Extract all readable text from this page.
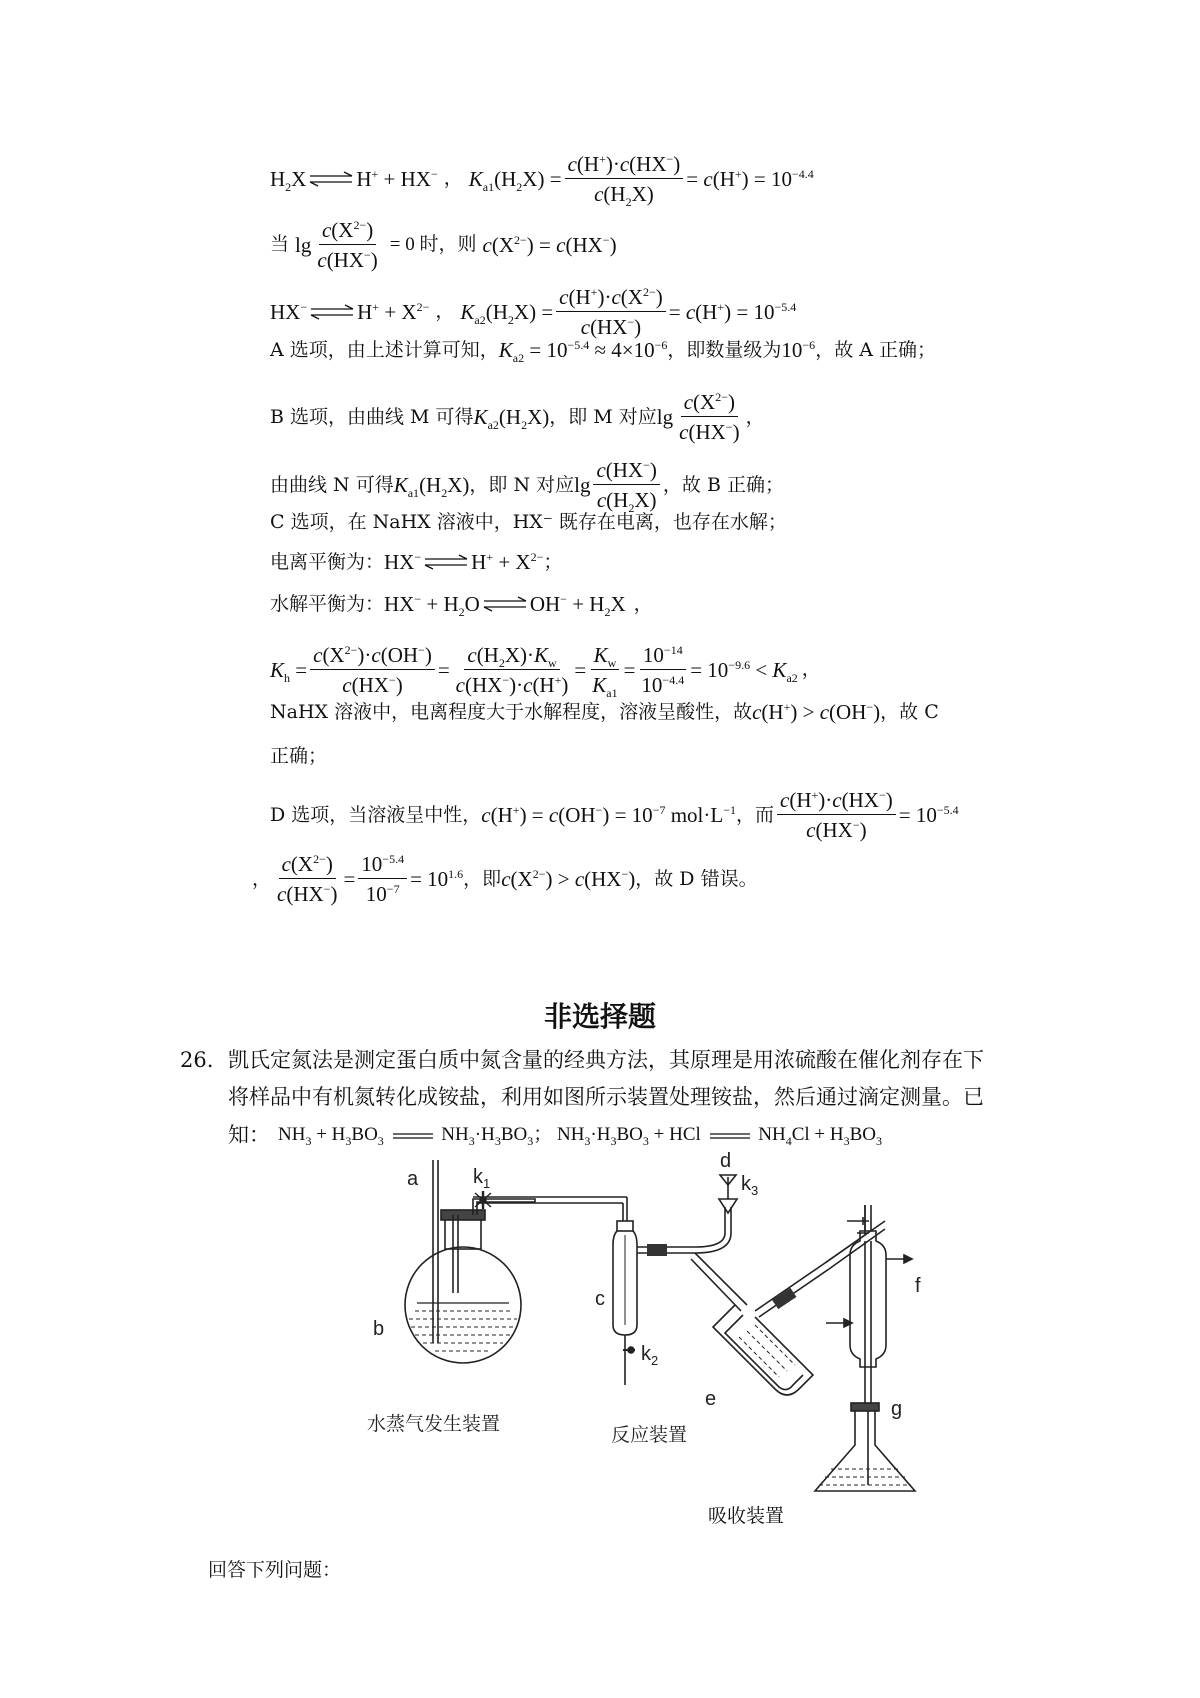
$H_2X$ ⇌ H+ + HX− ， $K_{a1}(H_2X) = \frac{c(H^+)\cdot c(HX^-)}{c(H_2X)} = c(H^+) = 10^{-4.4}$
当 $\lg \frac{c(X^{2-})}{c(HX^-)} = 0$ 时，则 $c(X^{2-}) = c(HX^-)$
HX− ⇌ $H^+ + X^{2-}$ ， $K_{a2}(H_2X) = \frac{c(H^+)\cdot c(X^{2-})}{c(HX^-)} = c(H^+) = 10^{-5.4}$
A 选项，由上述计算可知， $K_{a2} = 10^{-5.4} \approx 4\times 10^{-6}$ ，即数量级为 $10^{-6}$ ，故 A 正确；
B 选项，由曲线 M 可得 $K_{a2}(H_2X)$ ，即 M 对应 $\lg \frac{c(X^{2-})}{c(HX^-)}$ ，
由曲线 N 可得 $K_{a1}(H_2X)$ ，即 N 对应 $\lg \frac{c(HX^-)}{c(H_2X)}$ ，故 B 正确；
C 选项，在 NaHX 溶液中，HX⁻ 既存在电离，也存在水解；
电离平衡为： HX− ⇌ $H^+ + X^{2-}$ ；
水解平衡为： $HX^- + H_2O$ ⇌ $OH^- + H_2X$ ，
$K_h = \frac{c(X^{2-})\cdot c(OH^-)}{c(HX^-)} = \frac{c(H_2X)\cdot K_w}{c(HX^-)\cdot c(H^+)} = \frac{K_w}{K_{a1}} = \frac{10^{-14}}{10^{-4.4}} = 10^{-9.6} < K_{a2}$ ，
NaHX 溶液中，电离程度大于水解程度，溶液呈酸性，故 c(H+) > c(OH−) ，故 C
正确；
D 选项，当溶液呈中性， $c(H^+) = c(OH^-) = 10^{-7}$ $mol\cdot L^{-1}$ ，而 $\frac{c(H^+)\cdot c(HX^-)}{c(HX^-)} = 10^{-5.4}$
， $\frac{c(X^{2-})}{c(HX^-)} = \frac{10^{-5.4}}{10^{-7}} = 10^{1.6}$ ，即 $c(X^{2-}) > c(HX^-)$ ，故 D 错误。
非选择题
26. 凯氏定氮法是测定蛋白质中氮含量的经典方法，其原理是用浓硫酸在催化剂存在下
将样品中有机氮转化成铵盐，利用如图所示装置处理铵盐，然后通过滴定测量。已
知： $NH_3 + H_3BO_3$	$NH_3\cdot H_3BO_3$； $NH_3\cdot H_3BO_3$ + HCl	$NH_4Cl + H_3BO_3$
a
b
c
d
e
f
g
$k_1$
$k_2$
$k_3$
水蒸气发生装置	反应装置
吸收装置
回答下列问题：
